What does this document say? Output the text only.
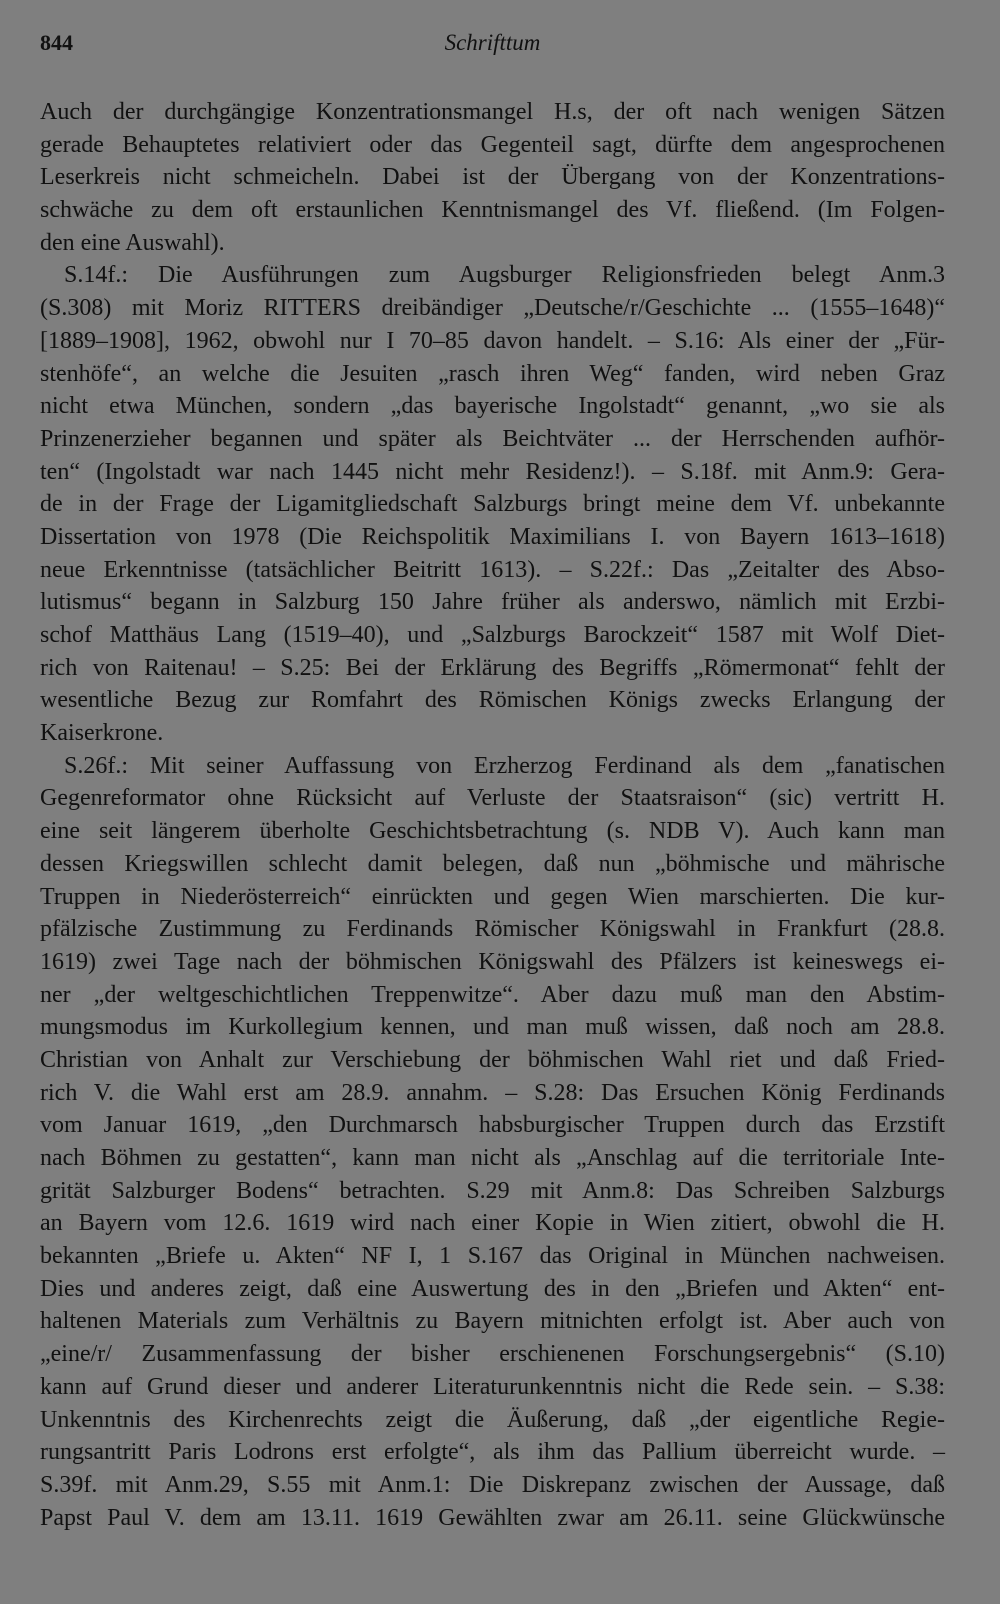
844	Schrifttum
Auch der durchgängige Konzentrationsmangel H.s, der oft nach wenigen Sätzen
gerade Behauptetes relativiert oder das Gegenteil sagt, dürfte dem angesprochenen
Leserkreis nicht schmeicheln. Dabei ist der Übergang von der Konzentrations-
schwäche zu dem oft erstaunlichen Kenntnismangel des Vf. fließend. (Im Folgen-
den eine Auswahl).
S.14f.: Die Ausführungen zum Augsburger Religionsfrieden belegt Anm.3
(S.308) mit Moriz RITTERS dreibändiger „Deutsche/r/Geschichte ... (1555–1648)“
[1889–1908], 1962, obwohl nur I 70–85 davon handelt. – S.16: Als einer der „Für-
stenhöfe“, an welche die Jesuiten „rasch ihren Weg“ fanden, wird neben Graz
nicht etwa München, sondern „das bayerische Ingolstadt“ genannt, „wo sie als
Prinzenerzieher begannen und später als Beichtväter ... der Herrschenden aufhör-
ten“ (Ingolstadt war nach 1445 nicht mehr Residenz!). – S.18f. mit Anm.9: Gera-
de in der Frage der Ligamitgliedschaft Salzburgs bringt meine dem Vf. unbekannte
Dissertation von 1978 (Die Reichspolitik Maximilians I. von Bayern 1613–1618)
neue Erkenntnisse (tatsächlicher Beitritt 1613). – S.22f.: Das „Zeitalter des Abso-
lutismus“ begann in Salzburg 150 Jahre früher als anderswo, nämlich mit Erzbi-
schof Matthäus Lang (1519–40), und „Salzburgs Barockzeit“ 1587 mit Wolf Diet-
rich von Raitenau! – S.25: Bei der Erklärung des Begriffs „Römermonat“ fehlt der
wesentliche Bezug zur Romfahrt des Römischen Königs zwecks Erlangung der
Kaiserkrone.
S.26f.: Mit seiner Auffassung von Erzherzog Ferdinand als dem „fanatischen
Gegenreformator ohne Rücksicht auf Verluste der Staatsraison“ (sic) vertritt H.
eine seit längerem überholte Geschichtsbetrachtung (s. NDB V). Auch kann man
dessen Kriegswillen schlecht damit belegen, daß nun „böhmische und mährische
Truppen in Niederösterreich“ einrückten und gegen Wien marschierten. Die kur-
pfälzische Zustimmung zu Ferdinands Römischer Königswahl in Frankfurt (28.8.
1619) zwei Tage nach der böhmischen Königswahl des Pfälzers ist keineswegs ei-
ner „der weltgeschichtlichen Treppenwitze“. Aber dazu muß man den Abstim-
mungsmodus im Kurkollegium kennen, und man muß wissen, daß noch am 28.8.
Christian von Anhalt zur Verschiebung der böhmischen Wahl riet und daß Fried-
rich V. die Wahl erst am 28.9. annahm. – S.28: Das Ersuchen König Ferdinands
vom Januar 1619, „den Durchmarsch habsburgischer Truppen durch das Erzstift
nach Böhmen zu gestatten“, kann man nicht als „Anschlag auf die territoriale Inte-
grität Salzburger Bodens“ betrachten. S.29 mit Anm.8: Das Schreiben Salzburgs
an Bayern vom 12.6. 1619 wird nach einer Kopie in Wien zitiert, obwohl die H.
bekannten „Briefe u. Akten“ NF I, 1 S.167 das Original in München nachweisen.
Dies und anderes zeigt, daß eine Auswertung des in den „Briefen und Akten“ ent-
haltenen Materials zum Verhältnis zu Bayern mitnichten erfolgt ist. Aber auch von
„eine/r/ Zusammenfassung der bisher erschienenen Forschungsergebnis“ (S.10)
kann auf Grund dieser und anderer Literaturunkenntnis nicht die Rede sein. – S.38:
Unkenntnis des Kirchenrechts zeigt die Äußerung, daß „der eigentliche Regie-
rungsantritt Paris Lodrons erst erfolgte“, als ihm das Pallium überreicht wurde. –
S.39f. mit Anm.29, S.55 mit Anm.1: Die Diskrepanz zwischen der Aussage, daß
Papst Paul V. dem am 13.11. 1619 Gewählten zwar am 26.11. seine Glückwünsche
